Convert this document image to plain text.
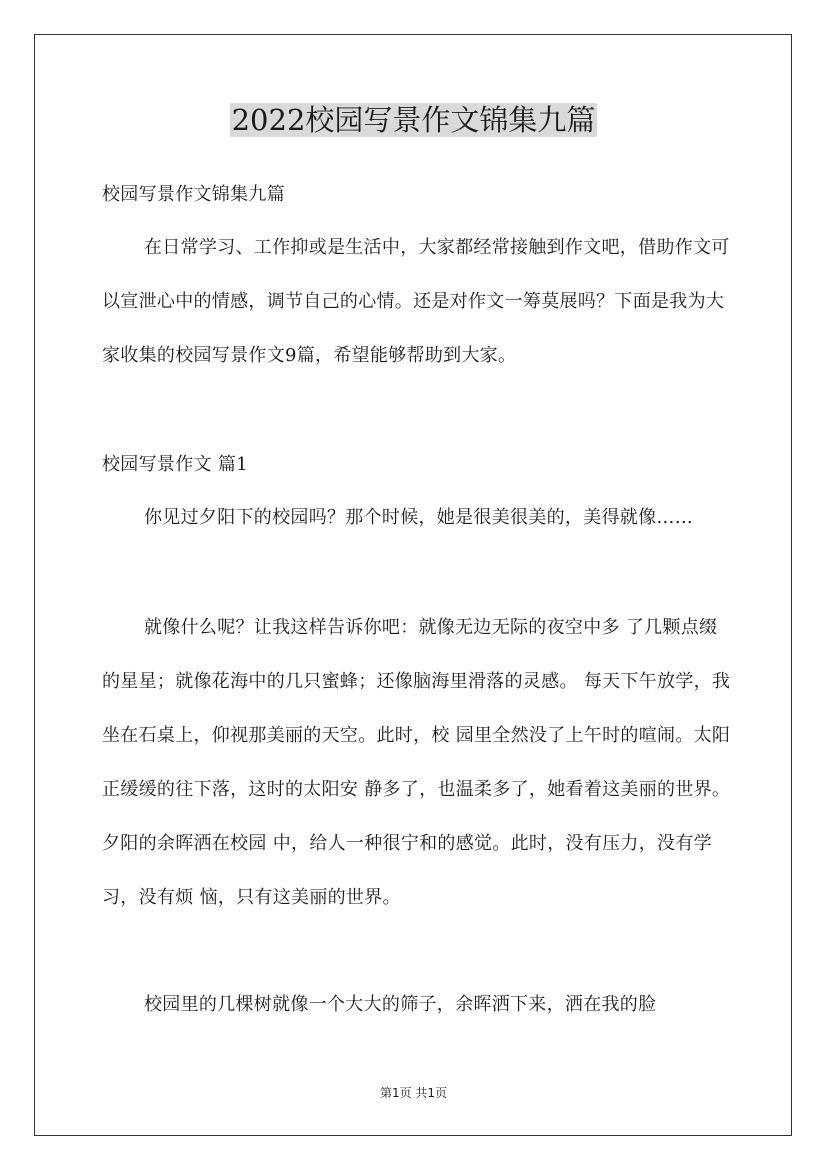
2022校园写景作文锦集九篇
校园写景作文锦集九篇
在日常学习、工作抑或是生活中，大家都经常接触到作文吧，借助作文可以宣泄心中的情感，调节自己的心情。还是对作文一筹莫展吗？下面是我为大家收集的校园写景作文9篇，希望能够帮助到大家。
校园写景作文 篇1
你见过夕阳下的校园吗？那个时候，她是很美很美的，美得就像……
就像什么呢？让我这样告诉你吧：就像无边无际的夜空中多 了几颗点缀的星星；就像花海中的几只蜜蜂；还像脑海里滑落的灵感。 每天下午放学，我坐在石桌上，仰视那美丽的天空。此时，校 园里全然没了上午时的喧闹。太阳正缓缓的往下落，这时的太阳安 静多了，也温柔多了，她看着这美丽的世界。夕阳的余晖洒在校园 中，给人一种很宁和的感觉。此时，没有压力，没有学习，没有烦 恼，只有这美丽的世界。
校园里的几棵树就像一个大大的筛子，余晖洒下来，洒在我的脸
第1页 共1页
